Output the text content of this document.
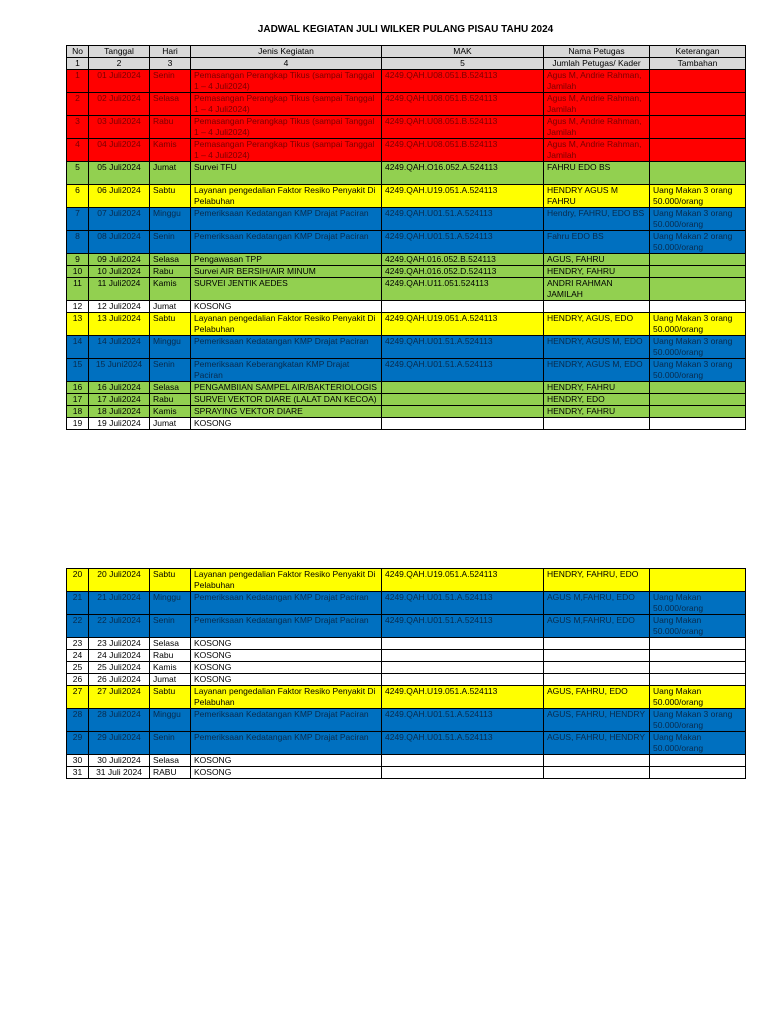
JADWAL KEGIATAN JULI WILKER PULANG PISAU TAHU 2024
No	Tanggal	Hari	Jenis Kegiatan	MAK	Nama Petugas	Keterangan
1	2	3	4	5	Jumlah Petugas/ Kader	Tambahan
1	01 Juli2024	Senin	Pemasangan Perangkap Tikus (sampai Tanggal 1 – 4 Juli2024)	4249.QAH.U08.051.B.524113	Agus M, Andrie Rahman, Jamilah	
2	02 Juli2024	Selasa	Pemasangan Perangkap Tikus (sampai Tanggal 1 – 4 Juli2024)	4249.QAH.U08.051.B.524113	Agus M, Andrie Rahman, Jamilah	
3	03 Juli2024	Rabu	Pemasangan Perangkap Tikus (sampai Tanggal 1 – 4 Juli2024)	4249.QAH.U08.051.B.524113	Agus M, Andrie Rahman, Jamilah	
4	04 Juli2024	Kamis	Pemasangan Perangkap Tikus (sampai Tanggal 1 – 4 Juli2024)	4249.QAH.U08.051.B.524113	Agus M, Andrie Rahman, Jamilah	
5	05 Juli2024	Jumat	Survei TFU	4249.QAH.O16.052.A.524113	FAHRU EDO BS	
6	06 Juli2024	Sabtu	Layanan pengedalian Faktor Resiko Penyakit Di Pelabuhan	4249.QAH.U19.051.A.524113	HENDRY AGUS M FAHRU	Uang Makan 3 orang 50.000/orang
7	07 Juli2024	Minggu	Pemeriksaan Kedatangan KMP Drajat Paciran	4249.QAH.U01.51.A.524113	Hendry, FAHRU, EDO BS	Uang Makan 3 orang 50.000/orang
8	08 Juli2024	Senin	Pemeriksaan Kedatangan KMP Drajat Paciran	4249.QAH.U01.51.A.524113	Fahru EDO BS	Uang Makan 2 orang 50.000/orang
9	09 Juli2024	Selasa	Pengawasan TPP	4249.QAH.016.052.B.524113	AGUS, FAHRU	
10	10 Juli2024	Rabu	Survei AIR BERSIH/AIR MINUM	4249.QAH.016.052.D.524113	HENDRY, FAHRU	
11	11 Juli2024	Kamis	SURVEI JENTIK AEDES	4249.QAH.U11.051.524113	ANDRI RAHMAN JAMILAH	
12	12 Juli2024	Jumat	KOSONG			
13	13 Juli2024	Sabtu	Layanan pengedalian Faktor Resiko Penyakit Di Pelabuhan	4249.QAH.U19.051.A.524113	HENDRY, AGUS, EDO	Uang Makan 3 orang 50.000/orang
14	14 Juli2024	Minggu	Pemeriksaan Kedatangan KMP Drajat Paciran	4249.QAH.U01.51.A.524113	HENDRY, AGUS M, EDO	Uang Makan 3 orang 50.000/orang
15	15 Juni2024	Senin	Pemeriksaan Keberangkatan KMP Drajat Paciran	4249.QAH.U01.51.A.524113	HENDRY, AGUS M, EDO	Uang Makan 3 orang 50.000/orang
16	16 Juli2024	Selasa	PENGAMBIIAN SAMPEL AIR/BAKTERIOLOGIS		HENDRY, FAHRU	
17	17 Juli2024	Rabu	SURVEI VEKTOR DIARE (LALAT DAN KECOA)		HENDRY, EDO	
18	18 Juli2024	Kamis	SPRAYING VEKTOR DIARE		HENDRY, FAHRU	
19	19 Juli2024	Jumat	KOSONG			
20	20 Juli2024	Sabtu	Layanan pengedalian Faktor Resiko Penyakit Di Pelabuhan	4249.QAH.U19.051.A.524113	HENDRY, FAHRU, EDO	
21	21 Juli2024	Minggu	Pemeriksaan Kedatangan KMP Drajat Paciran	4249.QAH.U01.51.A.524113	AGUS M,FAHRU, EDO	Uang Makan 50.000/orang
22	22 Juli2024	Senin	Pemeriksaan Kedatangan KMP Drajat Paciran	4249.QAH.U01.51.A.524113	AGUS M,FAHRU, EDO	Uang Makan 50.000/orang
23	23 Juli2024	Selasa	KOSONG			
24	24 Juli2024	Rabu	KOSONG			
25	25 Juli2024	Kamis	KOSONG			
26	26 Juli2024	Jumat	KOSONG			
27	27 Juli2024	Sabtu	Layanan pengedalian Faktor Resiko Penyakit Di Pelabuhan	4249.QAH.U19.051.A.524113	AGUS, FAHRU, EDO	Uang Makan 50.000/orang
28	28 Juli2024	Minggu	Pemeriksaan Kedatangan KMP Drajat Paciran	4249.QAH.U01.51.A.524113	AGUS, FAHRU, HENDRY	Uang Makan 3 orang 50.000/orang
29	29 Juli2024	Senin	Pemeriksaan Kedatangan KMP Drajat Paciran	4249.QAH.U01.51.A.524113	AGUS, FAHRU, HENDRY	Uang Makan 50.000/orang
30	30 Juli2024	Selasa	KOSONG			
31	31 Juli 2024	RABU	KOSONG			
